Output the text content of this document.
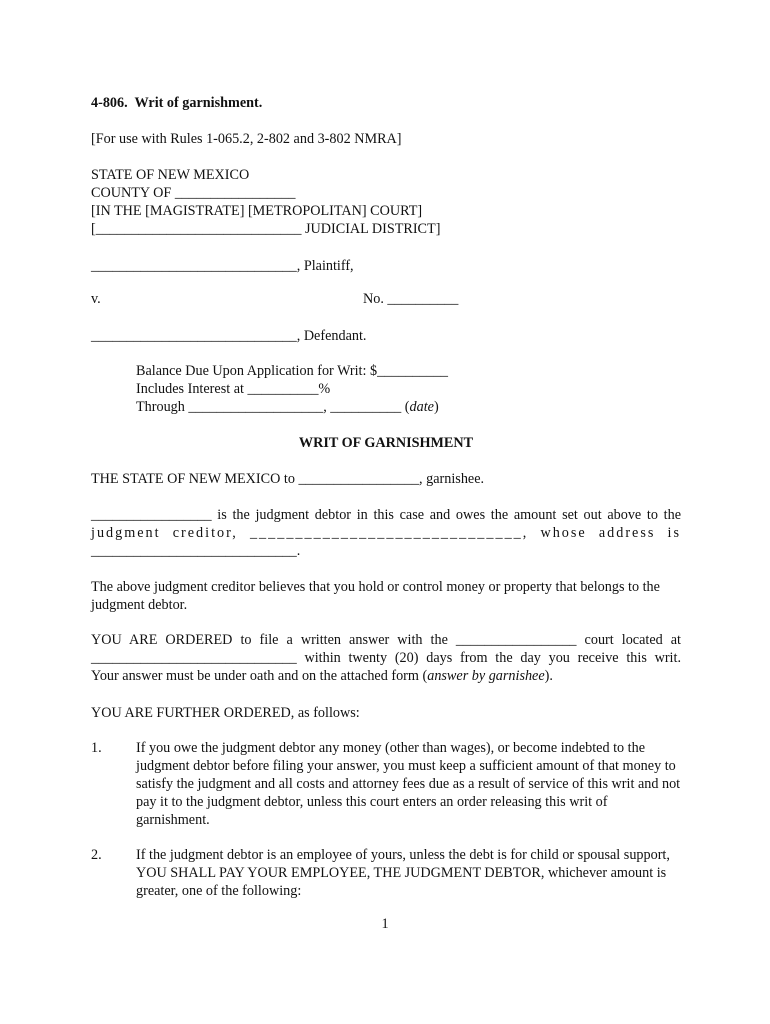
4-806.  Writ of garnishment.
[For use with Rules 1-065.2, 2-802 and 3-802 NMRA]
STATE OF NEW MEXICO
COUNTY OF _________________
[IN THE [MAGISTRATE] [METROPOLITAN] COURT]
[_____________________________ JUDICIAL DISTRICT]
_____________________________, Plaintiff,
v.	No. __________
_____________________________, Defendant.
Balance Due Upon Application for Writ: $__________
Includes Interest at __________%
Through ___________________, __________ (date)
WRIT OF GARNISHMENT
THE STATE OF NEW MEXICO to _________________, garnishee.
_________________ is the judgment debtor in this case and owes the amount set out above to the
judgment creditor, ______________________________, whose address is
_____________________________.
The above judgment creditor believes that you hold or control money or property that belongs to the judgment debtor.
YOU ARE ORDERED to file a written answer with the _________________ court located at
_____________________________ within twenty (20) days from the day you receive this writ.
Your answer must be under oath and on the attached form (answer by garnishee).
YOU ARE FURTHER ORDERED, as follows:
1. If you owe the judgment debtor any money (other than wages), or become indebted to the judgment debtor before filing your answer, you must keep a sufficient amount of that money to satisfy the judgment and all costs and attorney fees due as a result of service of this writ and not pay it to the judgment debtor, unless this court enters an order releasing this writ of garnishment.
2. If the judgment debtor is an employee of yours, unless the debt is for child or spousal support, YOU SHALL PAY YOUR EMPLOYEE, THE JUDGMENT DEBTOR, whichever amount is greater, one of the following:
1
